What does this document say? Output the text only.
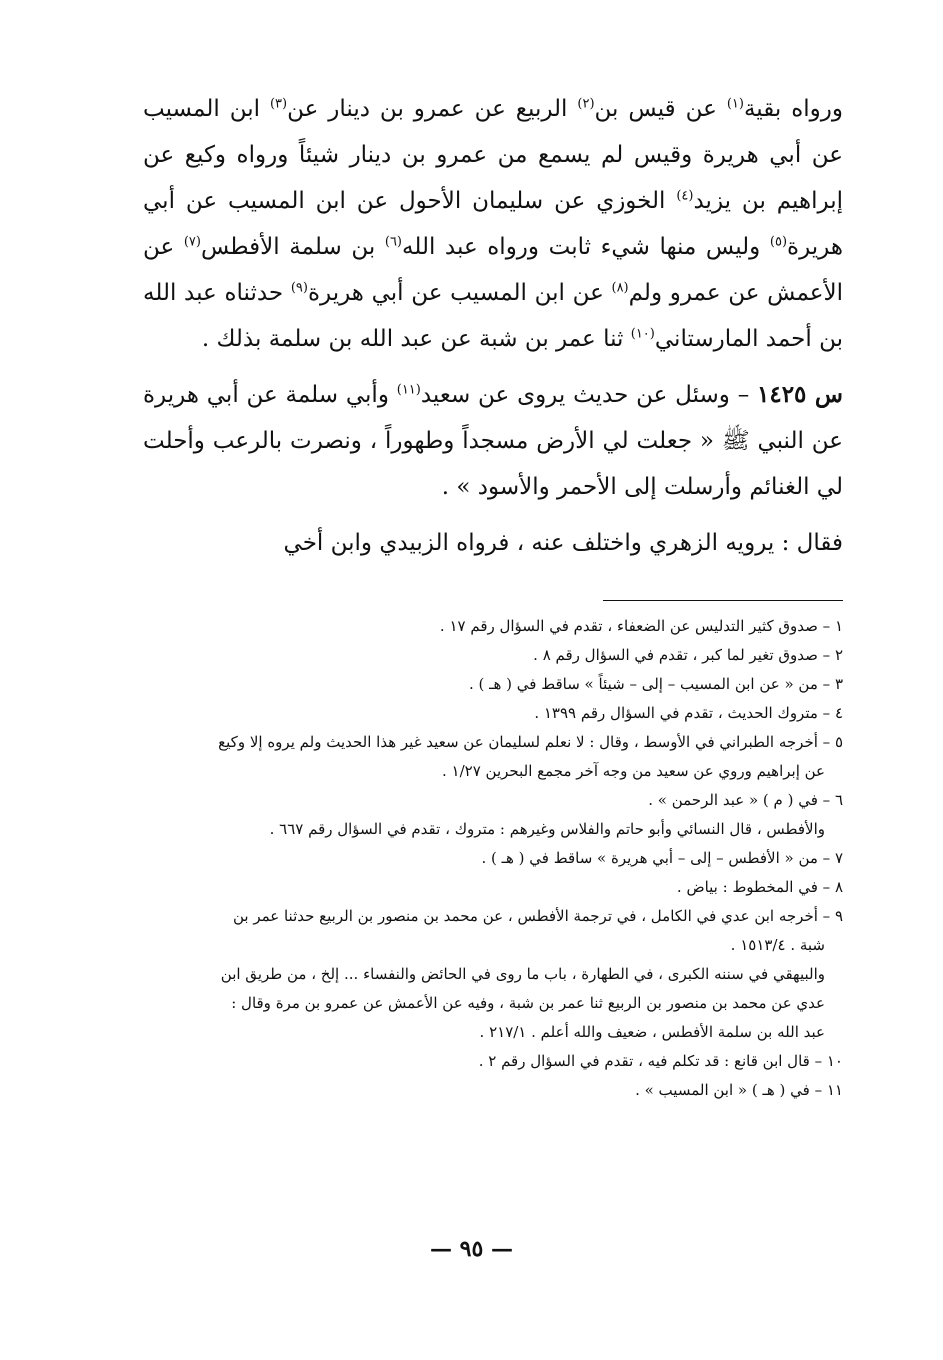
ورواه بقية$^{(١)}$ عن قيس بن$^{(٢)}$ الربيع عن عمرو بن دينار عن$^{(٣)}$ ابن المسيب عن أبي هريرة وقيس لم يسمع من عمرو بن دينار شيئاً ورواه وكيع عن إبراهيم بن يزيد$^{(٤)}$ الخوزي عن سليمان الأحول عن ابن المسيب عن أبي هريرة$^{(٥)}$ وليس منها شيء ثابت ورواه عبد الله$^{(٦)}$ بن سلمة الأفطس$^{(٧)}$ عن الأعمش عن عمرو ولم$^{(٨)}$ عن ابن المسيب عن أبي هريرة$^{(٩)}$ حدثناه عبد الله بن أحمد المارستاني$^{(١٠)}$ ثنا عمر بن شبة عن عبد الله بن سلمة بذلك .

س ١٤٢٥ – وسئل عن حديث يروى عن سعيد$^{(١١)}$ وأبي سلمة عن أبي هريرة عن النبي ﷺ « جعلت لي الأرض مسجداً وطهوراً ، ونصرت بالرعب وأحلت لي الغنائم وأرسلت إلى الأحمر والأسود » .

فقال : يرويه الزهري واختلف عنه ، فرواه الزبيدي وابن أخي

١ – صدوق كثير التدليس عن الضعفاء ، تقدم في السؤال رقم ١٧ .

٢ – صدوق تغير لما كبر ، تقدم في السؤال رقم ٨ .

٣ – من « عن ابن المسيب – إلى – شيئاً » ساقط في ( هـ ) .

٤ – متروك الحديث ، تقدم في السؤال رقم ١٣٩٩ .

٥ – أخرجه الطبراني في الأوسط ، وقال : لا نعلم لسليمان عن سعيد غير هذا الحديث ولم يروه إلا وكيع

عن إبراهيم وروي عن سعيد من وجه آخر مجمع البحرين ١/٢٧ .

٦ – في ( م ) « عبد الرحمن » .

والأفطس ، قال النسائي وأبو حاتم والفلاس وغيرهم : متروك ، تقدم في السؤال رقم ٦٦٧ .

٧ – من « الأفطس – إلى – أبي هريرة » ساقط في ( هـ ) .

٨ – في المخطوط : بياض .

٩ – أخرجه ابن عدي في الكامل ، في ترجمة الأفطس ، عن محمد بن منصور بن الربيع حدثنا عمر بن

شبة . ١٥١٣/٤ .

والبيهقي في سننه الكبرى ، في الطهارة ، باب ما روى في الحائض والنفساء ... إلخ ، من طريق ابن

عدي عن محمد بن منصور بن الربيع ثنا عمر بن شبة ، وفيه عن الأعمش عن عمرو بن مرة وقال :

عبد الله بن سلمة الأفطس ، ضعيف والله أعلم . ٢١٧/١ .

١٠ – قال ابن قانع : قد تكلم فيه ، تقدم في السؤال رقم ٢ .

١١ – في ( هـ ) « ابن المسيب » .

— ٩٥ —
